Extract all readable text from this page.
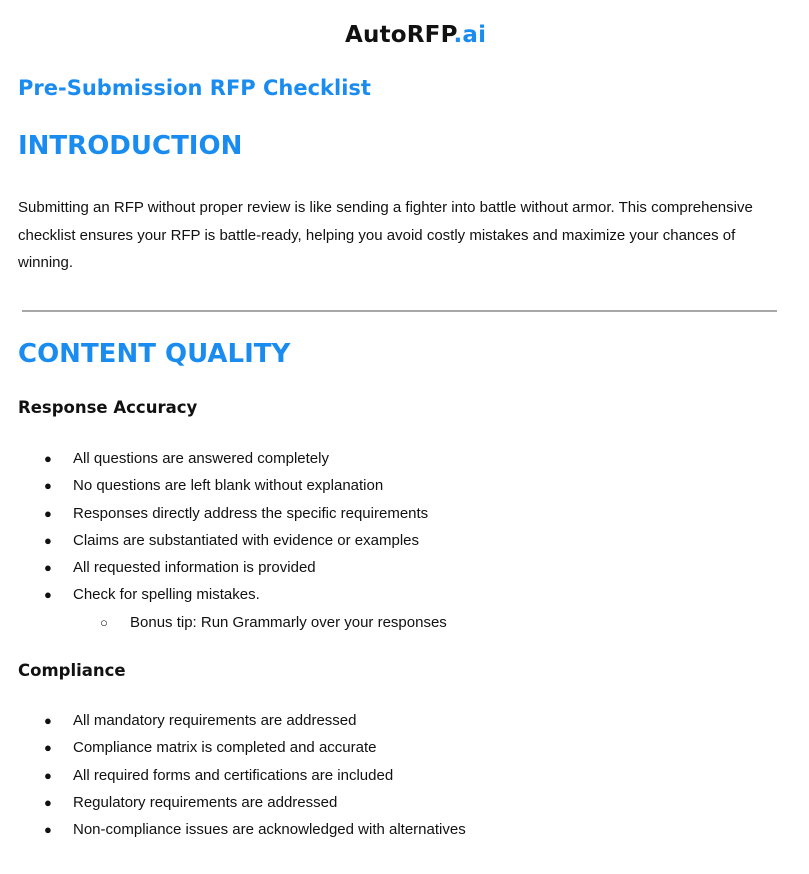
AutoRFP.ai
Pre-Submission RFP Checklist
INTRODUCTION

Submitting an RFP without proper review is like sending a fighter into battle without armor. This comprehensive checklist ensures your RFP is battle-ready, helping you avoid costly mistakes and maximize your chances of winning.

CONTENT QUALITY
Response Accuracy
● All questions are answered completely
● No questions are left blank without explanation
● Responses directly address the specific requirements
● Claims are substantiated with evidence or examples
● All requested information is provided
● Check for spelling mistakes.
○ Bonus tip: Run Grammarly over your responses
Compliance
● All mandatory requirements are addressed
● Compliance matrix is completed and accurate
● All required forms and certifications are included
● Regulatory requirements are addressed
● Non-compliance issues are acknowledged with alternatives
